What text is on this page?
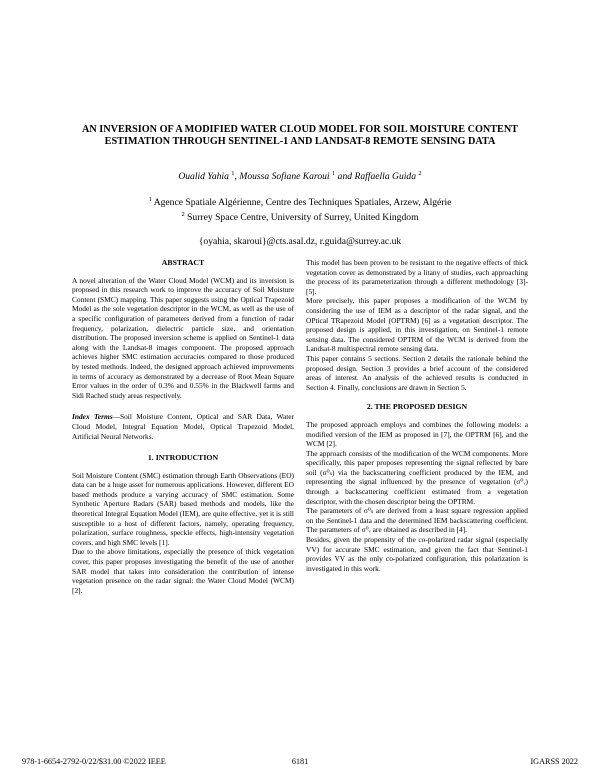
AN INVERSION OF A MODIFIED WATER CLOUD MODEL FOR SOIL MOISTURE CONTENT ESTIMATION THROUGH SENTINEL-1 AND LANDSAT-8 REMOTE SENSING DATA
Oualid Yahia $^1$, Moussa Sofiane Karoui $^1$ and Raffaella Guida $^2$
$^1$ Agence Spatiale Algérienne, Centre des Techniques Spatiales, Arzew, Algérie
$^2$ Surrey Space Centre, University of Surrey, United Kingdom
{oyahia, skaroui}@cts.asal.dz, r.guida@surrey.ac.uk
ABSTRACT

A novel alteration of the Water Cloud Model (WCM) and its inversion is proposed in this research work to improve the accuracy of Soil Moisture Content (SMC) mapping. This paper suggests using the Optical Trapezoid Model as the sole vegetation descriptor in the WCM, as well as the use of a specific configuration of parameters derived from a function of radar frequency, polarization, dielectric particle size, and orientation distribution. The proposed inversion scheme is applied on Sentinel-1 data along with the Landsat-8 images component. The proposed approach achieves higher SMC estimation accuracies compared to those produced by tested methods. Indeed, the designed approach achieved improvements in terms of accuracy as demonstrated by a decrease of Root Mean Square Error values in the order of 0.3% and 0.55% in the Blackwell farms and Sidi Rached study areas respectively.

Index Terms—Soil Moisture Content, Optical and SAR Data, Water Cloud Model, Integral Equation Model, Optical Trapezoid Model, Artificial Neural Networks.

1. INTRODUCTION

Soil Moisture Content (SMC) estimation through Earth Observations (EO) data can be a huge asset for numerous applications. However, different EO based methods produce a varying accuracy of SMC estimation. Some Synthetic Aperture Radars (SAR) based methods and models, like the theoretical Integral Equation Model (IEM), are quite effective, yet it is still susceptible to a host of different factors, namely, operating frequency, polarization, surface roughness, speckle effects, high-intensity vegetation covers, and high SMC levels [1].

Due to the above limitations, especially the presence of thick vegetation cover, this paper proposes investigating the benefit of the use of another SAR model that takes into consideration the contribution of intense vegetation presence on the radar signal: the Water Cloud Model (WCM) [2].

This model has been proven to be resistant to the negative effects of thick vegetation cover as demonstrated by a litany of studies, each approaching the process of its parameterization through a different methodology [3]-[5].

More precisely, this paper proposes a modification of the WCM by considering the use of IEM as a descriptor of the radar signal, and the OPtical TRapezoid Model (OPTRM) [6] as a vegetation descriptor. The proposed design is applied, in this investigation, on Sentinel-1 remote sensing data. The considered OPTRM of the WCM is derived from the Landsat-8 multispectral remote sensing data.

This paper contains 5 sections. Section 2 details the rationale behind the proposed design. Section 3 provides a brief account of the considered areas of interest. An analysis of the achieved results is conducted in Section 4. Finally, conclusions are drawn in Section 5.

2. THE PROPOSED DESIGN

The proposed approach employs and combines the following models: a modified version of the IEM as proposed in [7], the OPTRM [6], and the WCM [2].

The approach consists of the modification of the WCM components. More specifically, this paper proposes representing the signal reflected by bare soil (σ⁰ₛ) via the backscattering coefficient produced by the IEM, and representing the signal influenced by the presence of vegetation (σ⁰ᵥ) through a backscattering coefficient estimated from a vegetation descriptor, with the chosen descriptor being the OPTRM.

The parameters of σ⁰ₛ are derived from a least square regression applied on the Sentinel-1 data and the determined IEM backscattering coefficient. The parameters of σ⁰ᵥ are obtained as described in [4].

Besides, given the propensity of the co-polarized radar signal (especially VV) for accurate SMC estimation, and given the fact that Sentinel-1 provides VV as the only co-polarized configuration, this polarization is investigated in this work.

978-1-6654-2792-0/22/$31.00 ©2022 IEEE	6181	IGARSS 2022
